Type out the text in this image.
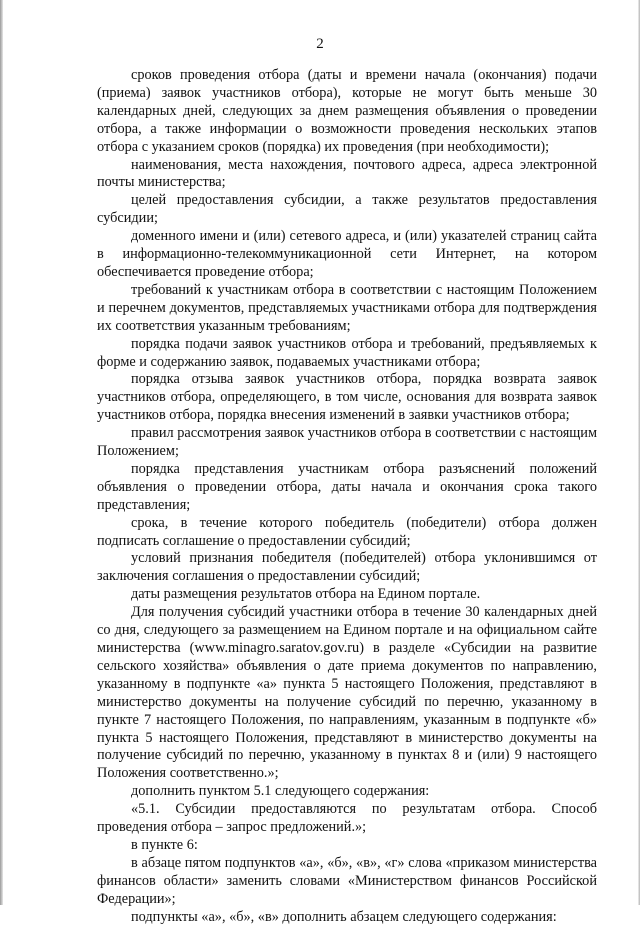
2

сроков проведения отбора (даты и времени начала (окончания) подачи (приема) заявок участников отбора), которые не могут быть меньше 30 календарных дней, следующих за днем размещения объявления о проведении отбора, а также информации о возможности проведения нескольких этапов отбора с указанием сроков (порядка) их проведения (при необходимости);

наименования, места нахождения, почтового адреса, адреса электронной почты министерства;

целей предоставления субсидии, а также результатов предоставления субсидии;

доменного имени и (или) сетевого адреса, и (или) указателей страниц сайта в информационно-телекоммуникационной сети Интернет, на котором обеспечивается проведение отбора;

требований к участникам отбора в соответствии с настоящим Положением и перечнем документов, представляемых участниками отбора для подтверждения их соответствия указанным требованиям;

порядка подачи заявок участников отбора и требований, предъявляемых к форме и содержанию заявок, подаваемых участниками отбора;

порядка отзыва заявок участников отбора, порядка возврата заявок участников отбора, определяющего, в том числе, основания для возврата заявок участников отбора, порядка внесения изменений в заявки участников отбора;

правил рассмотрения заявок участников отбора в соответствии с настоящим Положением;

порядка представления участникам отбора разъяснений положений объявления о проведении отбора, даты начала и окончания срока такого представления;

срока, в течение которого победитель (победители) отбора должен подписать соглашение о предоставлении субсидий;

условий признания победителя (победителей) отбора уклонившимся от заключения соглашения о предоставлении субсидий;

даты размещения результатов отбора на Едином портале.

Для получения субсидий участники отбора в течение 30 календарных дней со дня, следующего за размещением на Едином портале и на официальном сайте министерства (www.minagro.saratov.gov.ru) в разделе «Субсидии на развитие сельского хозяйства» объявления о дате приема документов по направлению, указанному в подпункте «а» пункта 5 настоящего Положения, представляют в министерство документы на получение субсидий по перечню, указанному в пункте 7 настоящего Положения, по направлениям, указанным в подпункте «б» пункта 5 настоящего Положения, представляют в министерство документы на получение субсидий по перечню, указанному в пунктах 8 и (или) 9 настоящего Положения соответственно.»;

дополнить пунктом 5.1 следующего содержания:

«5.1. Субсидии предоставляются по результатам отбора. Способ проведения отбора – запрос предложений.»;

в пункте 6:

в абзаце пятом подпунктов «а», «б», «в», «г» слова «приказом министерства финансов области» заменить словами «Министерством финансов Российской Федерации»;

подпункты «а», «б», «в» дополнить абзацем следующего содержания:
